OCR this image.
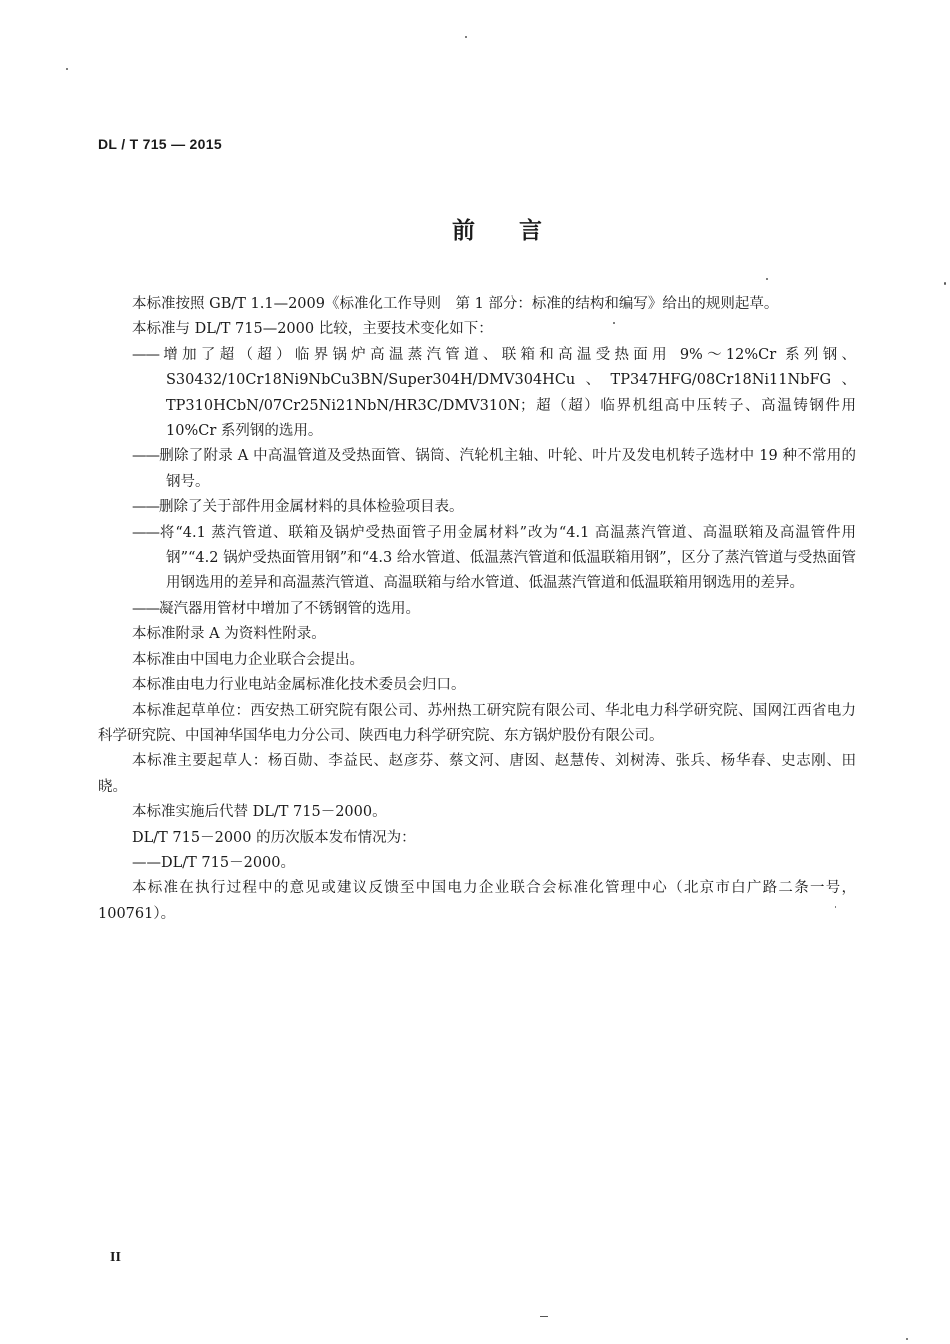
DL / T 715 — 2015
前言

本标准按照 GB/T 1.1—2009《标准化工作导则　第 1 部分：标准的结构和编写》给出的规则起草。

本标准与 DL/T 715—2000 比较，主要技术变化如下：

——增加了超（超）临界锅炉高温蒸汽管道、联箱和高温受热面用 9%～12%Cr 系列钢、S30432/10Cr18Ni9NbCu3BN/Super304H/DMV304HCu、TP347HFG/08Cr18Ni11NbFG、TP310HCbN/07Cr25Ni21NbN/HR3C/DMV310N；超（超）临界机组高中压转子、高温铸钢件用 10%Cr 系列钢的选用。

——删除了附录 A 中高温管道及受热面管、锅筒、汽轮机主轴、叶轮、叶片及发电机转子选材中 19 种不常用的钢号。

——删除了关于部件用金属材料的具体检验项目表。

——将“4.1 蒸汽管道、联箱及锅炉受热面管子用金属材料”改为“4.1 高温蒸汽管道、高温联箱及高温管件用钢”“4.2 锅炉受热面管用钢”和“4.3 给水管道、低温蒸汽管道和低温联箱用钢”，区分了蒸汽管道与受热面管用钢选用的差异和高温蒸汽管道、高温联箱与给水管道、低温蒸汽管道和低温联箱用钢选用的差异。

——凝汽器用管材中增加了不锈钢管的选用。

本标准附录 A 为资料性附录。

本标准由中国电力企业联合会提出。

本标准由电力行业电站金属标准化技术委员会归口。

本标准起草单位：西安热工研究院有限公司、苏州热工研究院有限公司、华北电力科学研究院、国网江西省电力科学研究院、中国神华国华电力分公司、陕西电力科学研究院、东方锅炉股份有限公司。

本标准主要起草人：杨百勋、李益民、赵彦芬、蔡文河、唐囡、赵慧传、刘树涛、张兵、杨华春、史志刚、田晓。

本标准实施后代替 DL/T 715－2000。

DL/T 715－2000 的历次版本发布情况为：

——DL/T 715－2000。

本标准在执行过程中的意见或建议反馈至中国电力企业联合会标准化管理中心（北京市白广路二条一号，100761）。

II
